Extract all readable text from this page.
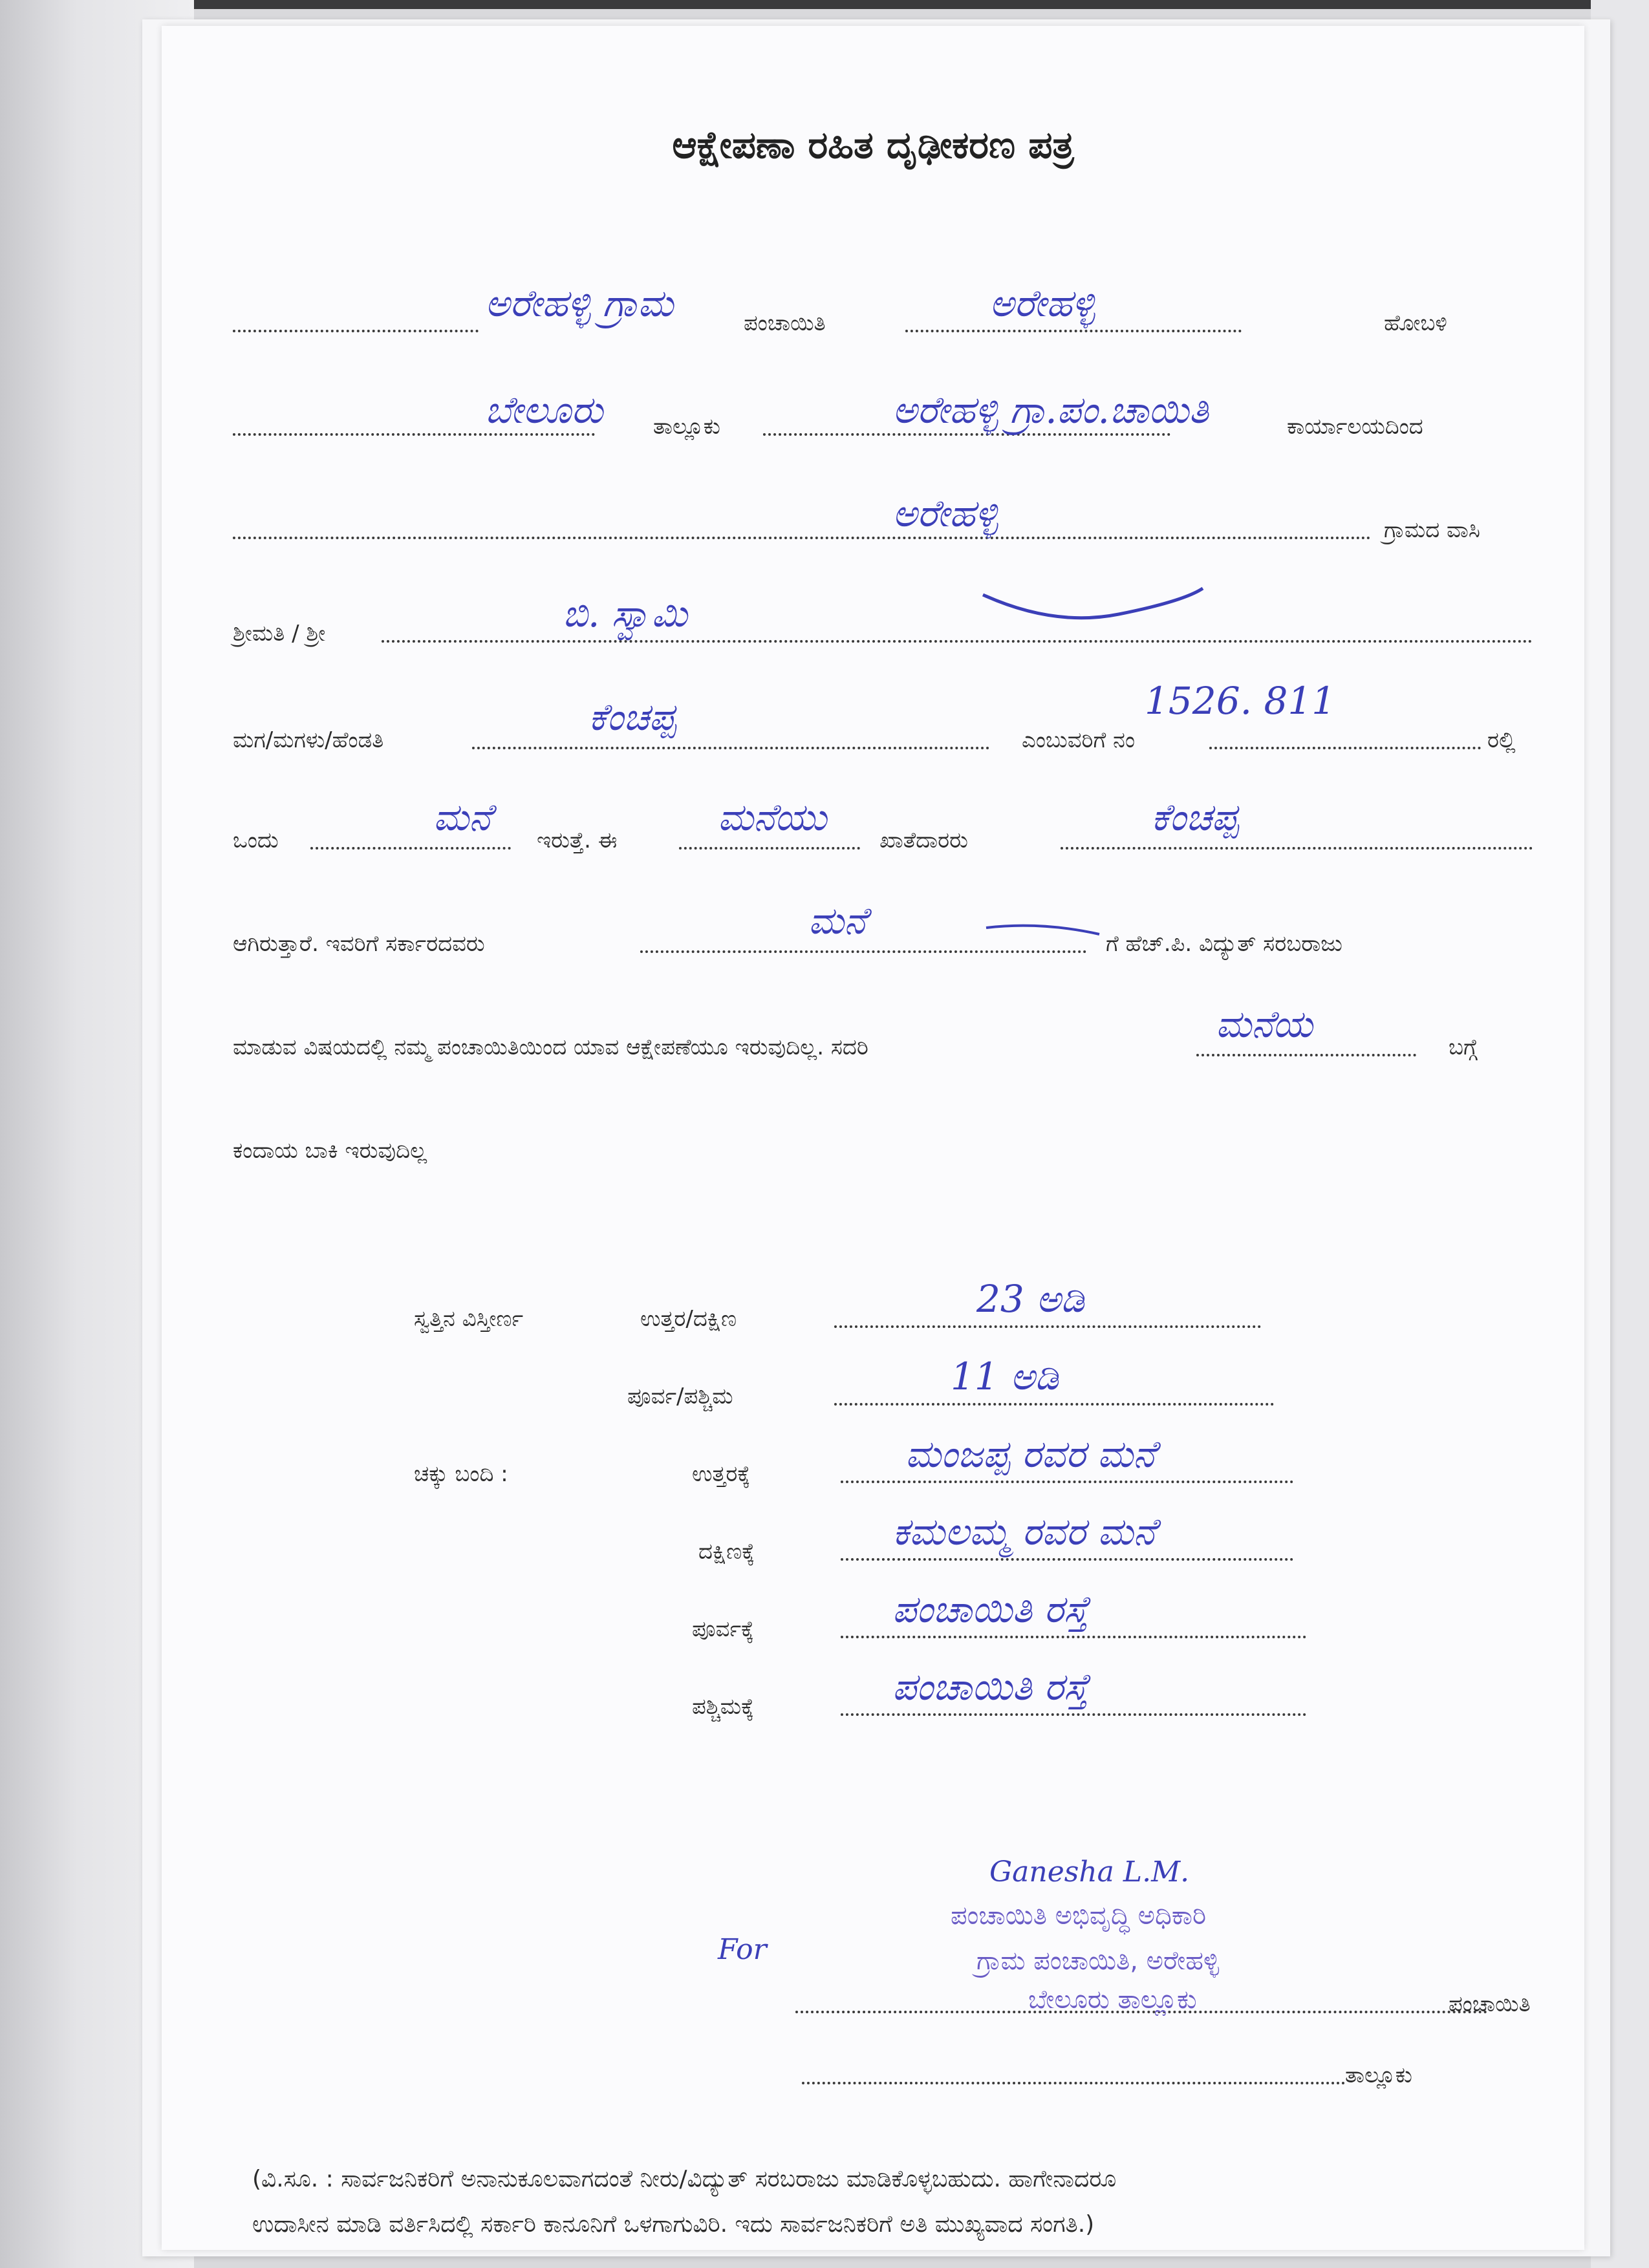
ಆಕ್ಷೇಪಣಾ ರಹಿತ ದೃಢೀಕರಣ ಪತ್ರ
ಅರೇಹಳ್ಳಿ ಗ್ರಾಮ	ಪಂಚಾಯಿತಿ	ಅರೇಹಳ್ಳಿ	ಹೋಬಳಿ
ಬೇಲೂರು ತಾಲ್ಲೂಕು	ಅರೇಹಳ್ಳಿ ಗ್ರಾ.ಪಂ.ಚಾಯಿತಿ	ಕಾರ್ಯಾಲಯದಿಂದ
ಅರೇಹಳ್ಳಿ	ಗ್ರಾಮದ ವಾಸಿ
ಶ್ರೀಮತಿ / ಶ್ರೀ	ಬಿ. ಸ್ವಾಮಿ
ಮಗ/ಮಗಳು/ಹೆಂಡತಿ
ಕೆಂಚಪ್ಪ
ಎಂಬುವರಿಗೆ ನಂ
1526. 811
ರಲ್ಲಿ
ಒಂದು
ಮನೆ
ಇರುತ್ತೆ. ಈ
ಮನೆಯು
ಖಾತೆದಾರರು
ಕೆಂಚಪ್ಪ
ಆಗಿರುತ್ತಾರೆ. ಇವರಿಗೆ ಸರ್ಕಾರದವರು
ಮನೆ
ಗೆ ಹೆಚ್.ಪಿ. ವಿದ್ಯುತ್ ಸರಬರಾಜು
ಮಾಡುವ ವಿಷಯದಲ್ಲಿ ನಮ್ಮ ಪಂಚಾಯಿತಿಯಿಂದ ಯಾವ ಆಕ್ಷೇಪಣೆಯೂ ಇರುವುದಿಲ್ಲ. ಸದರಿ
ಮನೆಯ
ಬಗ್ಗೆ
ಕಂದಾಯ ಬಾಕಿ ಇರುವುದಿಲ್ಲ
ಸ್ವತ್ತಿನ ವಿಸ್ತೀರ್ಣ	ಉತ್ತರ/ದಕ್ಷಿಣ	23 ಅಡಿ
ಪೂರ್ವ/ಪಶ್ಚಿಮ	11 ಅಡಿ
ಚಕ್ಕು ಬಂದಿ :	ಉತ್ತರಕ್ಕೆ	ಮಂಜಪ್ಪ ರವರ ಮನೆ
ದಕ್ಷಿಣಕ್ಕೆ	ಕಮಲಮ್ಮ ರವರ ಮನೆ
ಪೂರ್ವಕ್ಕೆ	ಪಂಚಾಯಿತಿ ರಸ್ತೆ
ಪಶ್ಚಿಮಕ್ಕೆ	ಪಂಚಾಯಿತಿ ರಸ್ತೆ
Ganesha L.M.
ಪಂಚಾಯಿತಿ ಅಭಿವೃದ್ಧಿ ಅಧಿಕಾರಿ
For	ಗ್ರಾಮ ಪಂಚಾಯಿತಿ, ಅರೇಹಳ್ಳಿ
ಬೇಲೂರು ತಾಲ್ಲೂಕು	ಪಂಚಾಯಿತಿ
ತಾಲ್ಲೂಕು
(ವಿ.ಸೂ. : ಸಾರ್ವಜನಿಕರಿಗೆ ಅನಾನುಕೂಲವಾಗದಂತೆ ನೀರು/ವಿದ್ಯುತ್ ಸರಬರಾಜು ಮಾಡಿಕೊಳ್ಳಬಹುದು. ಹಾಗೇನಾದರೂ
ಉದಾಸೀನ ಮಾಡಿ ವರ್ತಿಸಿದಲ್ಲಿ ಸರ್ಕಾರಿ ಕಾನೂನಿಗೆ ಒಳಗಾಗುವಿರಿ. ಇದು ಸಾರ್ವಜನಿಕರಿಗೆ ಅತಿ ಮುಖ್ಯವಾದ ಸಂಗತಿ.)
